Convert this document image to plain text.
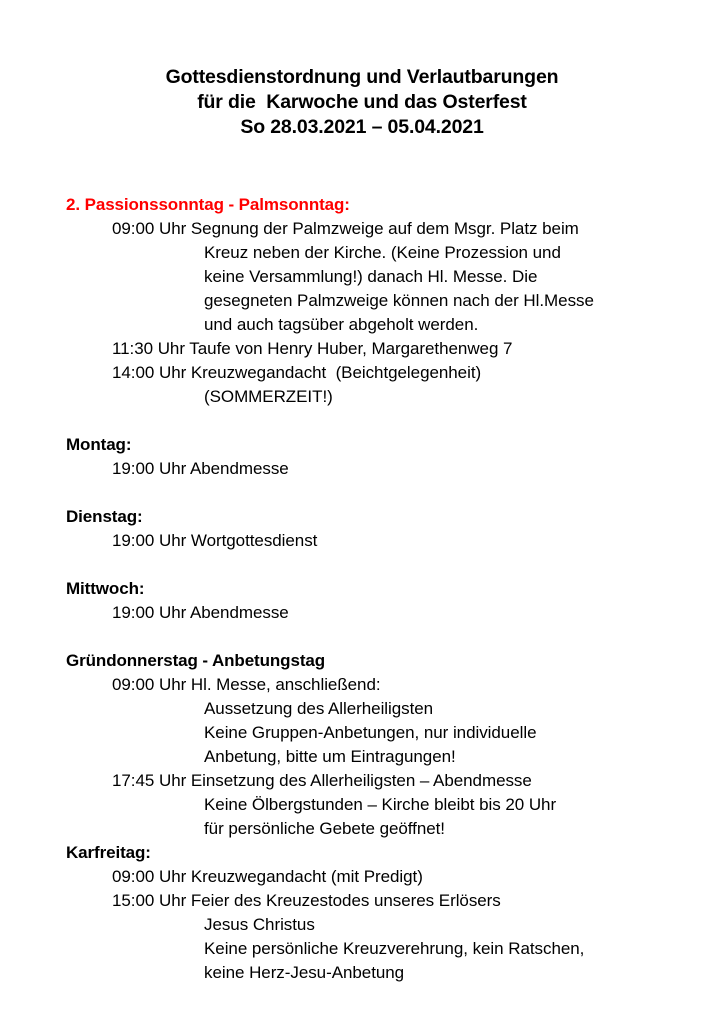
Gottesdienstordnung und Verlautbarungen
für die  Karwoche und das Osterfest
So 28.03.2021 – 05.04.2021
2. Passionssonntag - Palmsonntag:
09:00 Uhr Segnung der Palmzweige auf dem Msgr. Platz beim
Kreuz neben der Kirche. (Keine Prozession und
keine Versammlung!) danach Hl. Messe. Die
gesegneten Palmzweige können nach der Hl.Messe
und auch tagsüber abgeholt werden.
11:30 Uhr Taufe von Henry Huber, Margarethenweg 7
14:00 Uhr Kreuzwegandacht  (Beichtgelegenheit)
(SOMMERZEIT!)
Montag:
19:00 Uhr Abendmesse
Dienstag:
19:00 Uhr Wortgottesdienst
Mittwoch:
19:00 Uhr Abendmesse
Gründonnerstag - Anbetungstag
09:00 Uhr Hl. Messe, anschließend:
Aussetzung des Allerheiligsten
Keine Gruppen-Anbetungen, nur individuelle
Anbetung, bitte um Eintragungen!
17:45 Uhr Einsetzung des Allerheiligsten – Abendmesse
Keine Ölbergstunden – Kirche bleibt bis 20 Uhr
für persönliche Gebete geöffnet!
Karfreitag:
09:00 Uhr Kreuzwegandacht (mit Predigt)
15:00 Uhr Feier des Kreuzestodes unseres Erlösers
Jesus Christus
Keine persönliche Kreuzverehrung, kein Ratschen,
keine Herz-Jesu-Anbetung
